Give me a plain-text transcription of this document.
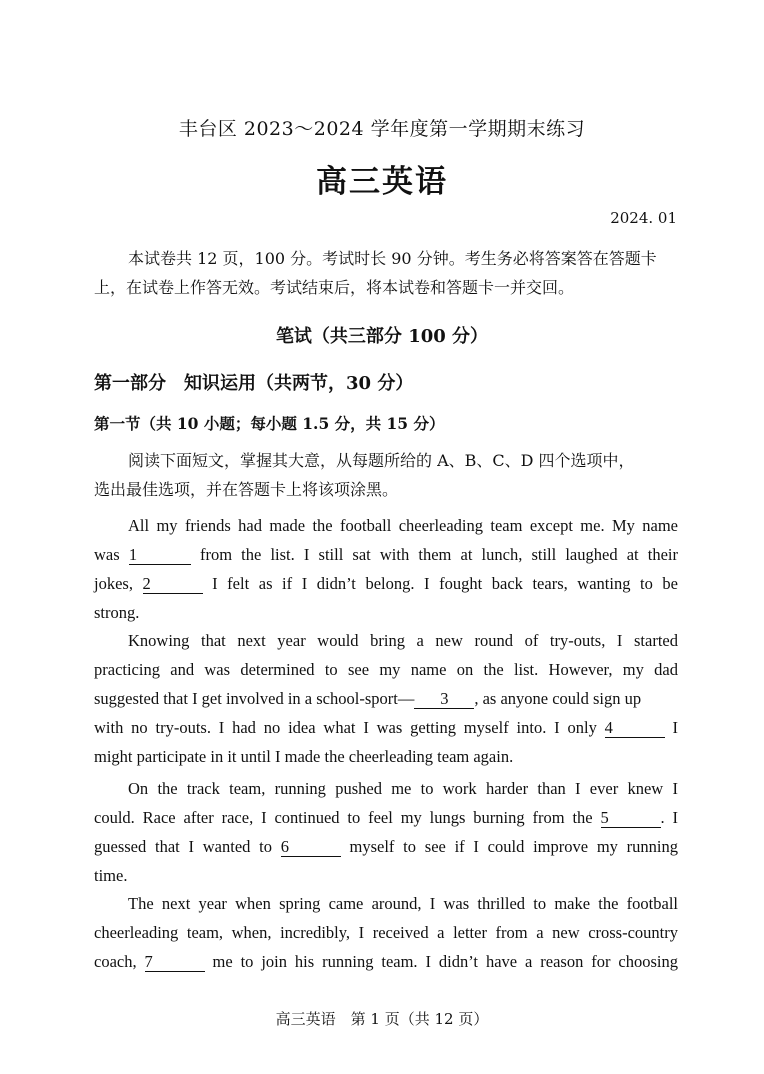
丰台区 2023～2024 学年度第一学期期末练习
高三英语
2024. 01
本试卷共 12 页，100 分。考试时长 90 分钟。考生务必将答案答在答题卡
上，在试卷上作答无效。考试结束后，将本试卷和答题卡一并交回。
笔试（共三部分 100 分）
第一部分　知识运用（共两节，30 分）
第一节（共 10 小题；每小题 1.5 分，共 15 分）
阅读下面短文，掌握其大意，从每题所给的 A、B、C、D 四个选项中，
选出最佳选项，并在答题卡上将该项涂黑。
All my friends had made the football cheerleading team except me. My name
was 1	from the list. I still sat with them at lunch, still laughed at their
jokes, 2	I felt as if I didn’t belong. I fought back tears, wanting to be
strong.
Knowing that next year would bring a new round of try-outs, I started
practicing and was determined to see my name on the list. However, my dad
suggested that I get involved in a school-sport— 3 , as anyone could sign up
with no try-outs. I had no idea what I was getting myself into. I only 4	I
might participate in it until I made the cheerleading team again.
On the track team, running pushed me to work harder than I ever knew I
could. Race after race, I continued to feel my lungs burning from the 5	. I
guessed that I wanted to 6	myself to see if I could improve my running
time.
The next year when spring came around, I was thrilled to make the football
cheerleading team, when, incredibly, I received a letter from a new cross-country
coach, 7	me to join his running team. I didn’t have a reason for choosing
高三英语　第 1 页（共 12 页）
